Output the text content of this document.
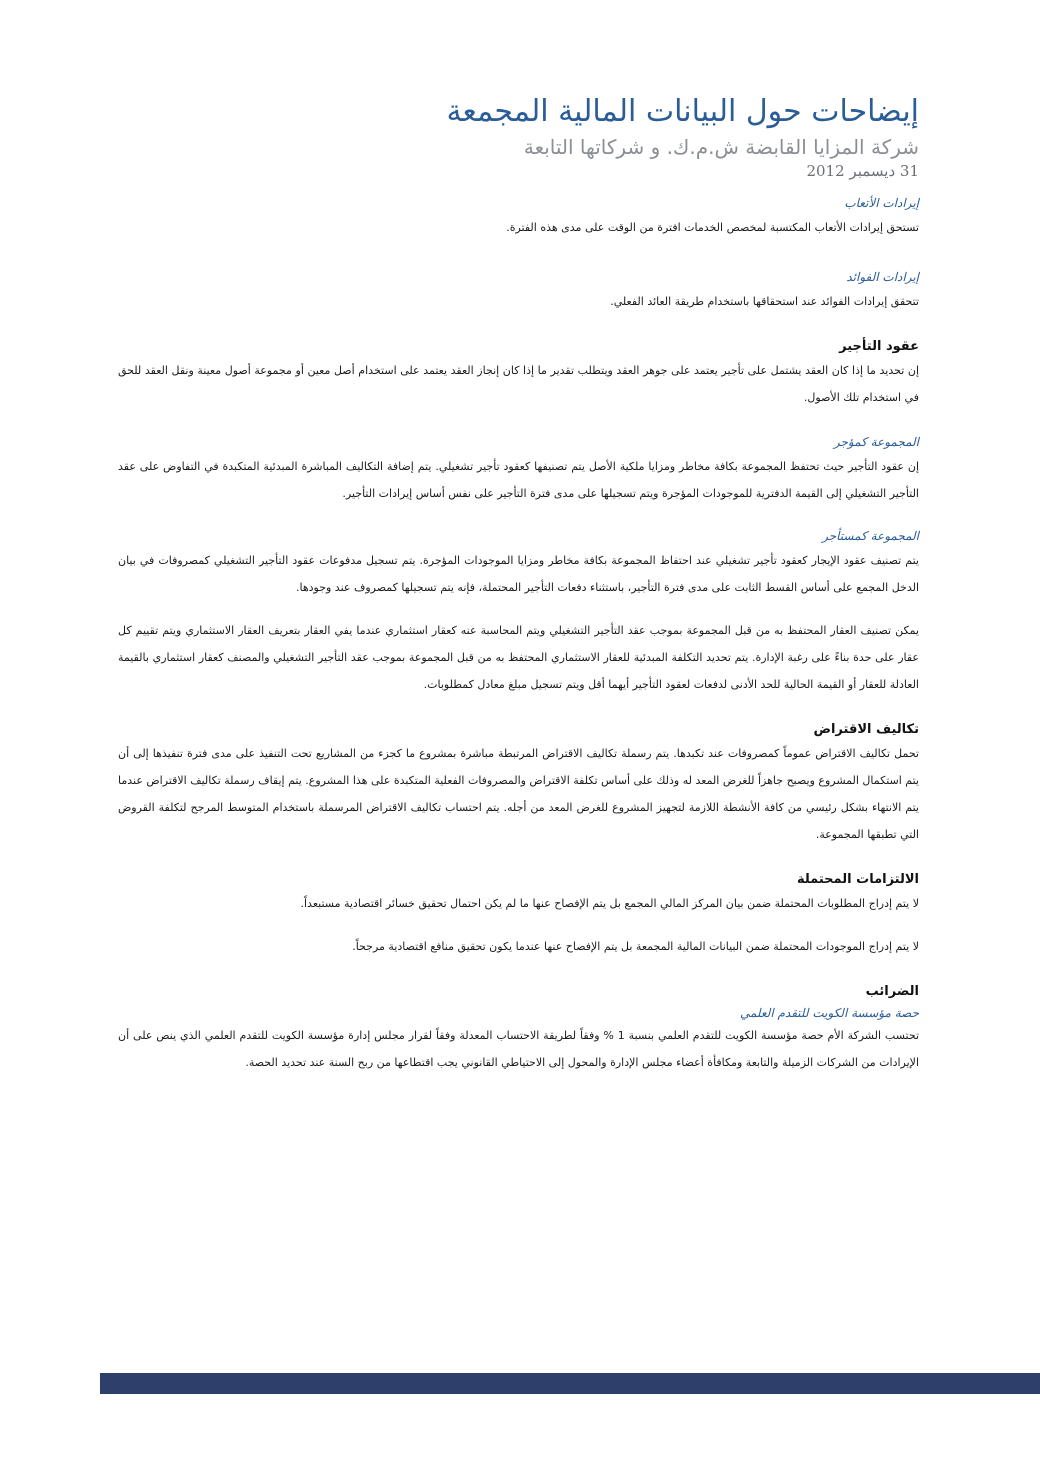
إيضاحات حول البيانات المالية المجمعة
شركة المزايا القابضة ش.م.ك. و شركاتها التابعة
31 ديسمبر 2012
إيرادات الأتعاب

تستحق إيرادات الأتعاب المكتسبة لمخصص الخدمات افترة من الوقت على مدى هذه الفترة.

إيرادات الفوائد

تتحقق إيرادات الفوائد عند استحقاقها باستخدام طريقة العائد الفعلي.

عقود التأجير

إن تحديد ما إذا كان العقد يشتمل على تأجير يعتمد على جوهر العقد ويتطلب تقدير ما إذا كان إنجاز العقد يعتمد على استخدام أصل معين أو مجموعة أصول معينة ونقل العقد للحق في استخدام تلك الأصول.

المجموعة كمؤجر

إن عقود التأجير حيث تحتفظ المجموعة بكافة مخاطر ومزايا ملكية الأصل يتم تصنيفها كعقود تأجير تشغيلي. يتم إضافة التكاليف المباشرة المبدئية المتكبدة في التفاوض على عقد التأجير التشغيلي إلى القيمة الدفترية للموجودات المؤجرة ويتم تسجيلها على مدى فترة التأجير على نفس أساس إيرادات التأجير.

المجموعة كمستأجر

يتم تصنيف عقود الإيجار كعقود تأجير تشغيلي عند احتفاظ المجموعة بكافة مخاطر ومزايا الموجودات المؤجرة. يتم تسجيل مدفوعات عقود التأجير التشغيلي كمصروفات في بيان الدخل المجمع على أساس القسط الثابت على مدى فترة التأجير، باستثناء دفعات التأجير المحتملة، فإنه يتم تسجيلها كمصروف عند وجودها.

يمكن تصنيف العقار المحتفظ به من قبل المجموعة بموجب عقد التأجير التشغيلي ويتم المحاسبة عنه كعقار استثماري عندما يفي العقار بتعريف العقار الاستثماري ويتم تقييم كل عقار على حدة بناءً على رغبة الإدارة. يتم تحديد التكلفة المبدئية للعقار الاستثماري المحتفظ به من قبل المجموعة بموجب عقد التأجير التشغيلي والمصنف كعقار استثماري بالقيمة العادلة للعقار أو القيمة الحالية للحد الأدنى لدفعات لعقود التأجير أيهما أقل ويتم تسجيل مبلغ معادل كمطلوبات.

تكاليف الاقتراض

تحمل تكاليف الاقتراض عموماً كمصروفات عند تكبدها. يتم رسملة تكاليف الاقتراض المرتبطة مباشرة بمشروع ما كجزء من المشاريع تحت التنفيذ على مدى فترة تنفيذها إلى أن يتم استكمال المشروع ويصبح جاهزاً للغرض المعد له وذلك على أساس تكلفة الاقتراض والمصروفات الفعلية المتكبدة على هذا المشروع. يتم إيقاف رسملة تكاليف الاقتراض عندما يتم الانتهاء بشكل رئيسي من كافة الأنشطة اللازمة لتجهيز المشروع للغرض المعد من أجله. يتم احتساب تكاليف الاقتراض المرسملة باستخدام المتوسط المرجح لتكلفة القروض التي تطبقها المجموعة.

الالتزامات المحتملة

لا يتم إدراج المطلوبات المحتملة ضمن بيان المركز المالي المجمع بل يتم الإفصاح عنها ما لم يكن احتمال تحقيق خسائر اقتصادية مستبعداً.

لا يتم إدراج الموجودات المحتملة ضمن البيانات المالية المجمعة بل يتم الإفصاح عنها عندما يكون تحقيق منافع اقتصادية مرجحاً.

الضرائب
حصة مؤسسة الكويت للتقدم العلمي

تحتسب الشركة الأم حصة مؤسسة الكويت للتقدم العلمي بنسبة 1 % وفقاً لطريقة الاحتساب المعدلة وفقاً لقرار مجلس إدارة مؤسسة الكويت للتقدم العلمي الذي ينص على أن الإيرادات من الشركات الزميلة والتابعة ومكافأة أعضاء مجلس الإدارة والمحول إلى الاحتياطي القانوني يجب اقتطاعها من ربح السنة عند تحديد الحصة.
